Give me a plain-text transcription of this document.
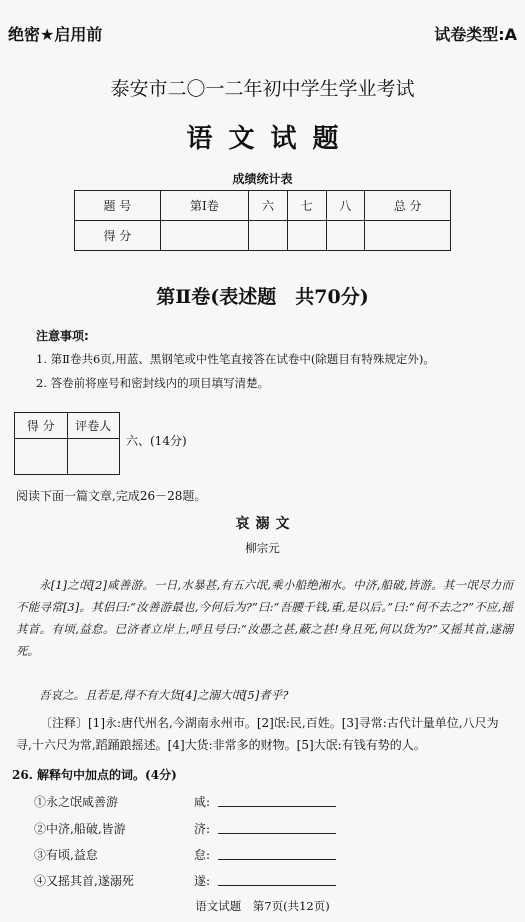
绝密★启用前	试卷类型:A
泰安市二〇一二年初中学生学业考试
语文试题
成绩统计表
题 号	第Ⅰ卷	六	七	八	总 分
得 分					
第Ⅱ卷(表述题　共70分)
注意事项:
1. 第Ⅱ卷共6页,用蓝、黑钢笔或中性笔直接答在试卷中(除题目有特殊规定外)。
2. 答卷前将座号和密封线内的项目填写清楚。
得 分	评卷人

六、(14分)
阅读下面一篇文章,完成26－28题。
哀溺文
柳宗元
永[1]之氓[2]咸善游。一日,水暴甚,有五六氓,乘小船绝湘水。中济,船破,皆游。其一氓尽力而不能寻常[3]。其侣曰:“汝善游最也,今何后为?”曰:“吾腰千钱,重,是以后。”曰:“何不去之?”不应,摇其首。有顷,益怠。已济者立岸上,呼且号曰:“汝愚之甚,蔽之甚!身且死,何以货为?”又摇其首,遂溺死。
吾哀之。且若是,得不有大货[4]之溺大氓[5]者乎?
〔注释〕[1]永:唐代州名,今湖南永州市。[2]氓:民,百姓。[3]寻常:古代计量单位,八尺为寻,十六尺为常,蹈踊踉摇述。[4]大货:非常多的财物。[5]大氓:有钱有势的人。
26. 解释句中加点的词。(4分)
①永之氓咸善游	咸:
②中济,船破,皆游	济:
③有顷,益怠	怠:
④又摇其首,遂溺死	遂:
语文试题　第7页(共12页)
